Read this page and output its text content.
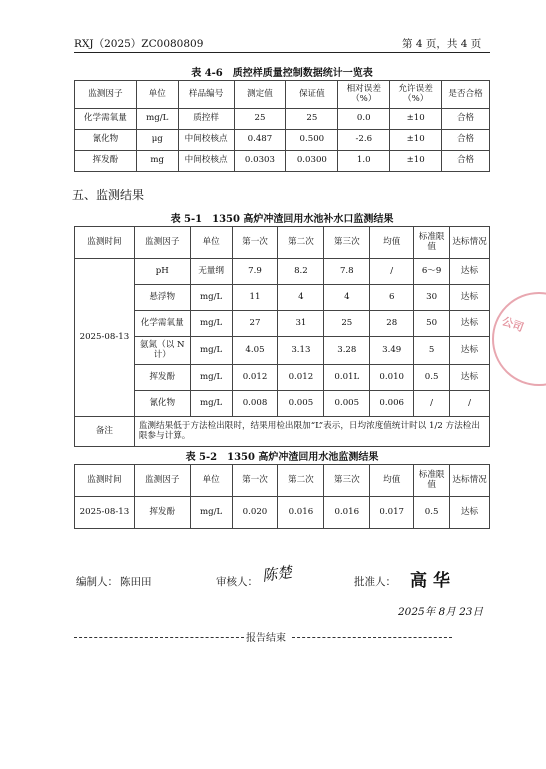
RXJ（2025）ZC0080809	第 4 页，共 4 页
表 4-6　质控样质量控制数据统计一览表
监测因子	单位	样品编号	测定值	保证值	相对误差（%）	允许误差（%）	是否合格
化学需氧量	mg/L	质控样	25	25	0.0	±10	合格
氰化物	μg	中间校核点	0.487	0.500	-2.6	±10	合格
挥发酚	mg	中间校核点	0.0303	0.0300	1.0	±10	合格
五、监测结果
表 5-1　1350 高炉冲渣回用水池补水口监测结果
监测时间	监测因子	单位	第一次	第二次	第三次	均值	标准限值	达标情况
2025-08-13	pH	无量纲	7.9	8.2	7.8	/	6～9	达标
	悬浮物	mg/L	11	4	4	6	30	达标
	化学需氧量	mg/L	27	31	25	28	50	达标
	氨氮（以 N 计）	mg/L	4.05	3.13	3.28	3.49	5	达标
	挥发酚	mg/L	0.012	0.012	0.01L	0.010	0.5	达标
	氰化物	mg/L	0.008	0.005	0.005	0.006	/	/
备注	监测结果低于方法检出限时，结果用检出限加“L”表示，日均浓度值统计时以 1/2 方法检出限参与计算。							
表 5-2　1350 高炉冲渣回用水池监测结果
监测时间	监测因子	单位	第一次	第二次	第三次	均值	标准限值	达标情况
2025-08-13	挥发酚	mg/L	0.020	0.016	0.016	0.017	0.5	达标
编制人： 陈田田	审核人： 陈楚	批准人： 高华
2025年 8月 23日
报告结束
公司
